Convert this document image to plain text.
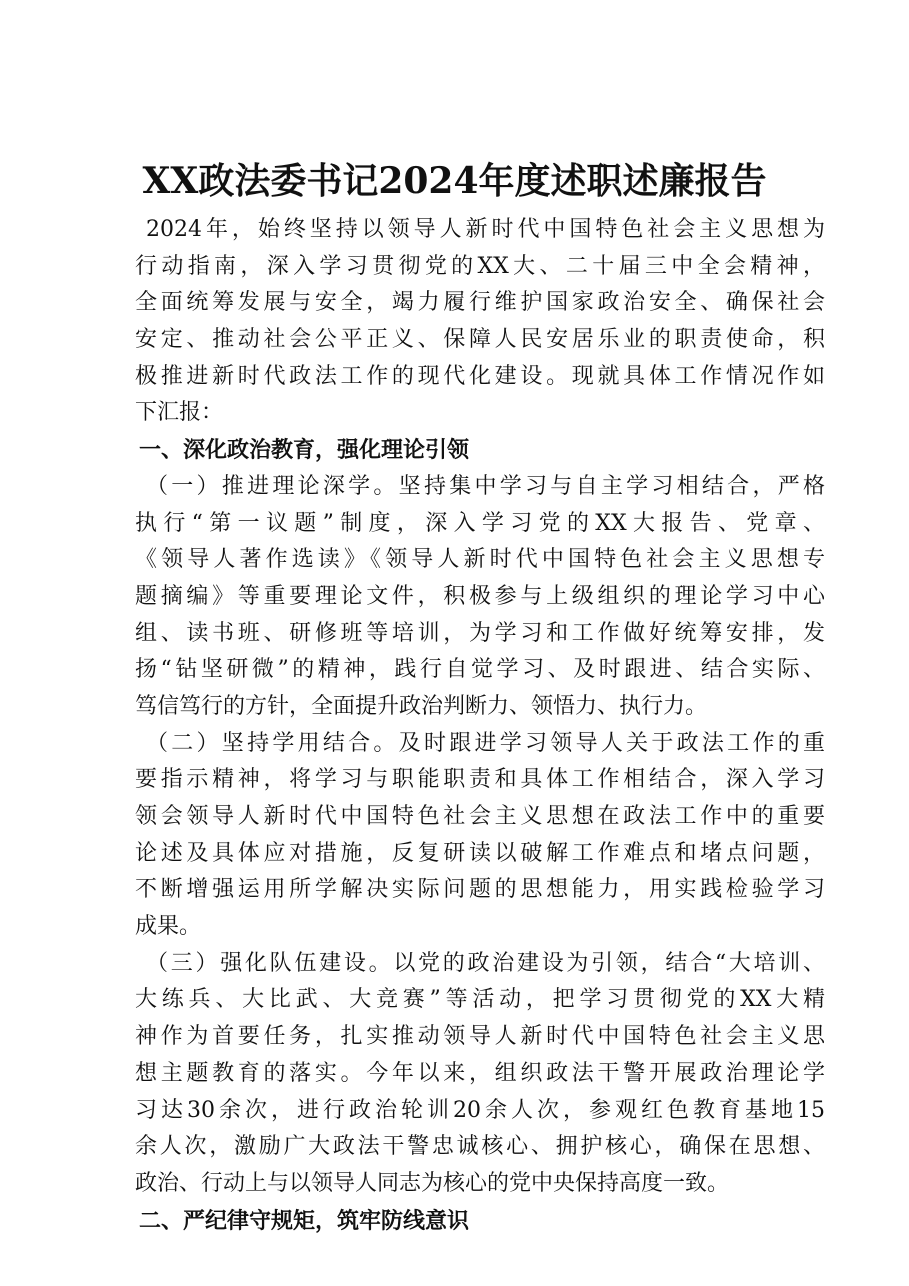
XX政法委书记2024年度述职述廉报告
2024年，始终坚持以领导人新时代中国特色社会主义思想为
行动指南，深入学习贯彻党的XX大、二十届三中全会精神，
全面统筹发展与安全，竭力履行维护国家政治安全、确保社会
安定、推动社会公平正义、保障人民安居乐业的职责使命，积
极推进新时代政法工作的现代化建设。现就具体工作情况作如
下汇报：
一、深化政治教育，强化理论引领
（一）推进理论深学。坚持集中学习与自主学习相结合，严格
执行“第一议题”制度，深入学习党的XX大报告、党章、
《领导人著作选读》《领导人新时代中国特色社会主义思想专
题摘编》等重要理论文件，积极参与上级组织的理论学习中心
组、读书班、研修班等培训，为学习和工作做好统筹安排，发
扬“钻坚研微”的精神，践行自觉学习、及时跟进、结合实际、
笃信笃行的方针，全面提升政治判断力、领悟力、执行力。
（二）坚持学用结合。及时跟进学习领导人关于政法工作的重
要指示精神，将学习与职能职责和具体工作相结合，深入学习
领会领导人新时代中国特色社会主义思想在政法工作中的重要
论述及具体应对措施，反复研读以破解工作难点和堵点问题，
不断增强运用所学解决实际问题的思想能力，用实践检验学习
成果。
（三）强化队伍建设。以党的政治建设为引领，结合“大培训、
大练兵、大比武、大竞赛”等活动，把学习贯彻党的XX大精
神作为首要任务，扎实推动领导人新时代中国特色社会主义思
想主题教育的落实。今年以来，组织政法干警开展政治理论学
习达30余次，进行政治轮训20余人次，参观红色教育基地15
余人次，激励广大政法干警忠诚核心、拥护核心，确保在思想、
政治、行动上与以领导人同志为核心的党中央保持高度一致。
二、严纪律守规矩，筑牢防线意识
